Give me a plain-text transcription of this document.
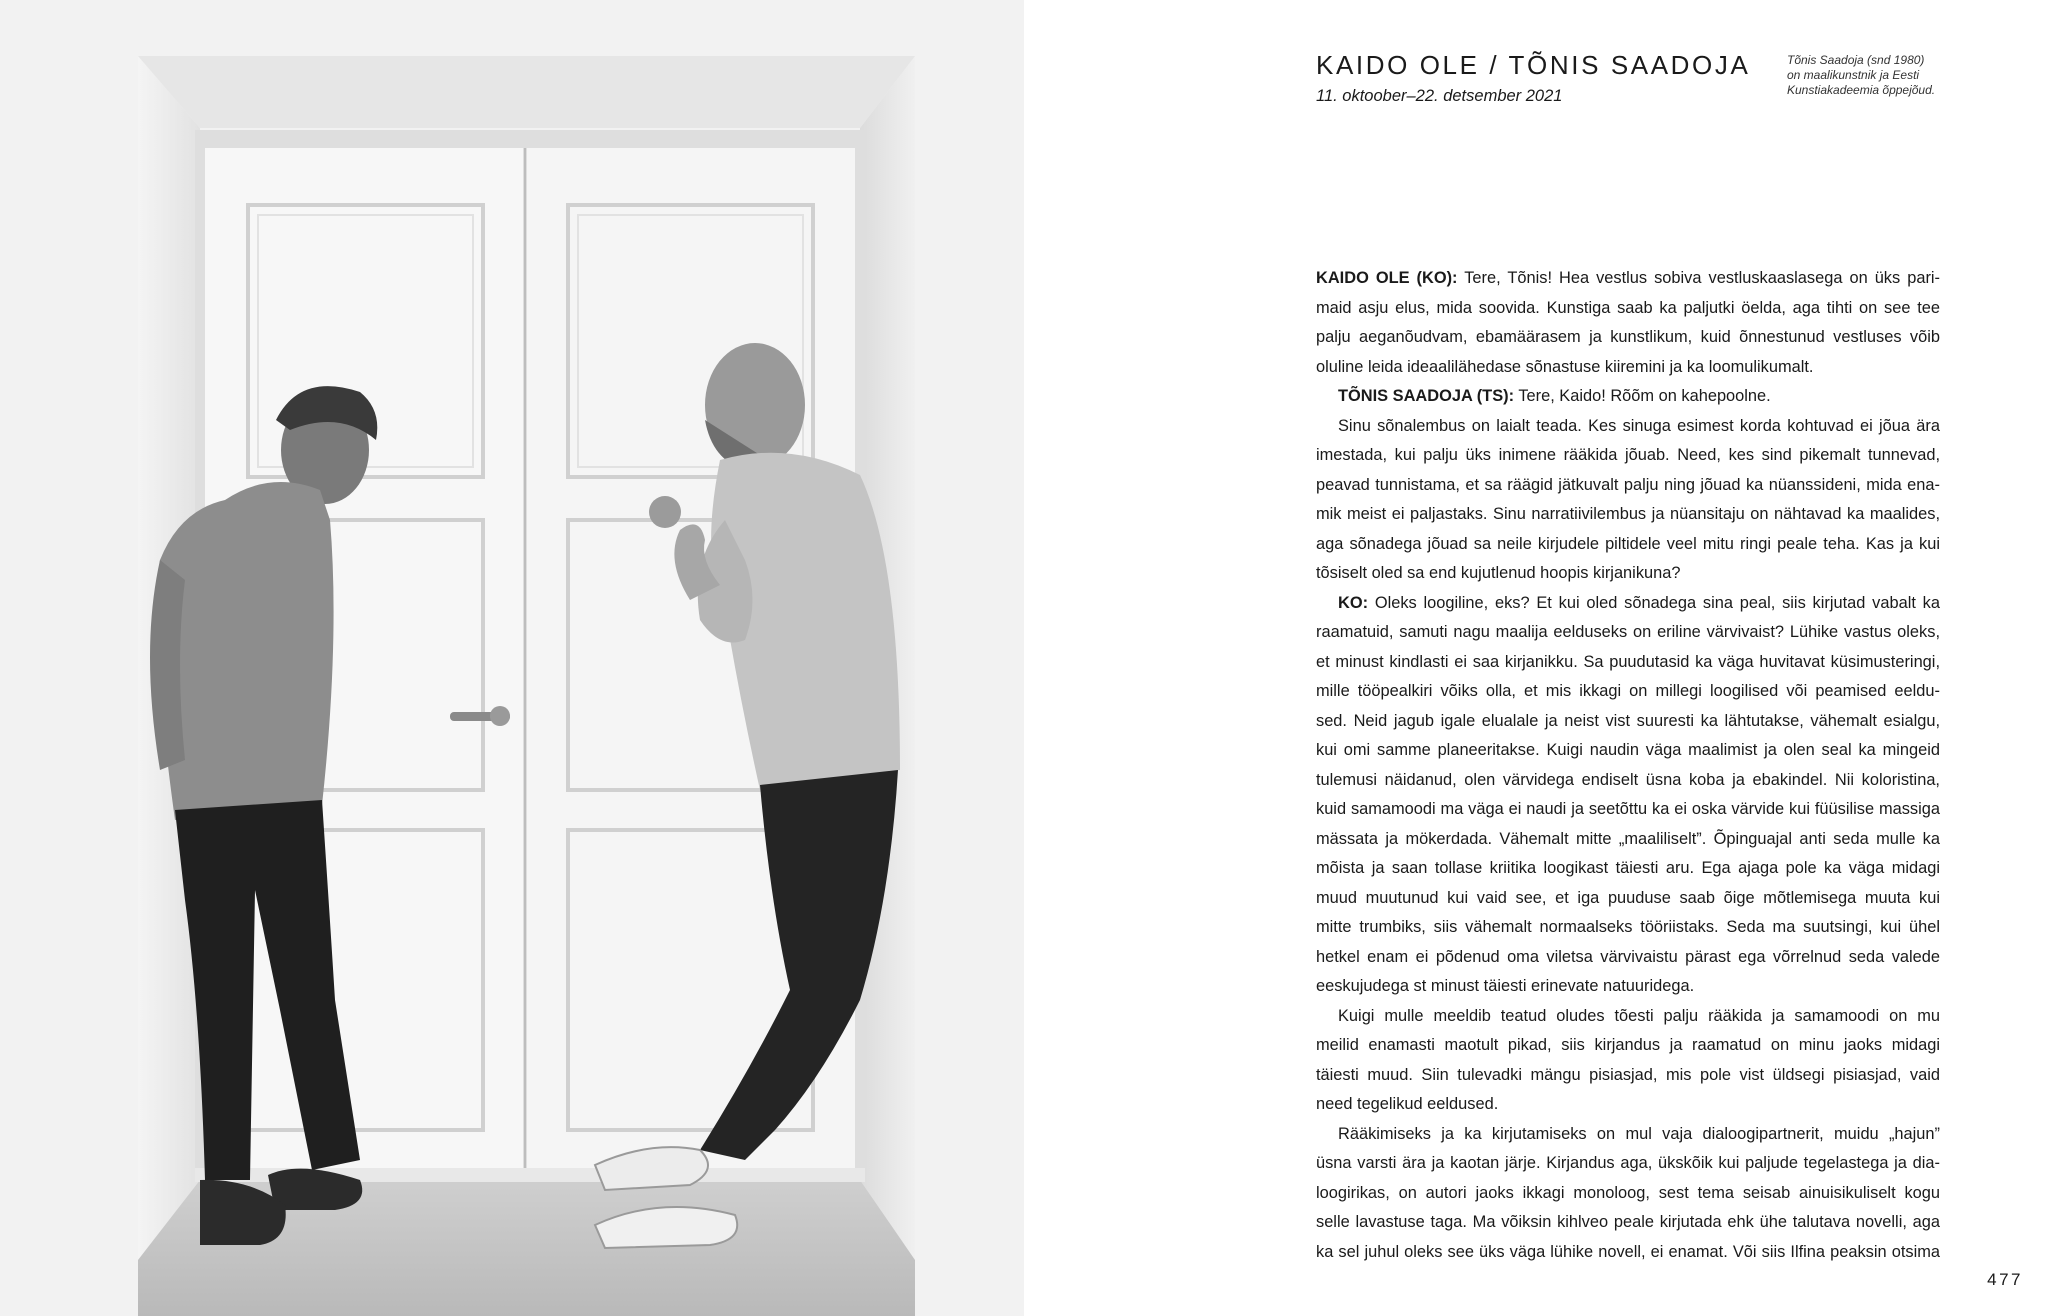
KAIDO OLE / TÕNIS SAADOJA
11. oktoober–22. detsember 2021
Tõnis Saadoja (snd 1980)
on maalikunstnik ja Eesti
Kunstiakadeemia õppejõud.
KAIDO OLE (KO): Tere, Tõnis! Hea vestlus sobiva vestluskaaslasega on üks pari-
maid asju elus, mida soovida. Kunstiga saab ka paljutki öelda, aga tihti on see tee
palju aeganõudvam, ebamäärasem ja kunstlikum, kuid õnnestunud vestluses võib
oluline leida ideaalilähedase sõnastuse kiiremini ja ka loomulikumalt.
TÕNIS SAADOJA (TS): Tere, Kaido! Rõõm on kahepoolne.
Sinu sõnalembus on laialt teada. Kes sinuga esimest korda kohtuvad ei jõua ära
imestada, kui palju üks inimene rääkida jõuab. Need, kes sind pikemalt tunnevad,
peavad tunnistama, et sa räägid jätkuvalt palju ning jõuad ka nüanssideni, mida ena-
mik meist ei paljastaks. Sinu narratiivilembus ja nüansitaju on nähtavad ka maalides,
aga sõnadega jõuad sa neile kirjudele piltidele veel mitu ringi peale teha. Kas ja kui
tõsiselt oled sa end kujutlenud hoopis kirjanikuna?
KO: Oleks loogiline, eks? Et kui oled sõnadega sina peal, siis kirjutad vabalt ka
raamatuid, samuti nagu maalija eelduseks on eriline värvivaist? Lühike vastus oleks,
et minust kindlasti ei saa kirjanikku. Sa puudutasid ka väga huvitavat küsimusteringi,
mille tööpealkiri võiks olla, et mis ikkagi on millegi loogilised või peamised eeldu-
sed. Neid jagub igale elualale ja neist vist suuresti ka lähtutakse, vähemalt esialgu,
kui omi samme planeeritakse. Kuigi naudin väga maalimist ja olen seal ka mingeid
tulemusi näidanud, olen värvidega endiselt üsna koba ja ebakindel. Nii koloristina,
kuid samamoodi ma väga ei naudi ja seetõttu ka ei oska värvide kui füüsilise massiga
mässata ja mökerdada. Vähemalt mitte „maaliliselt”. Õpinguajal anti seda mulle ka
mõista ja saan tollase kriitika loogikast täiesti aru. Ega ajaga pole ka väga midagi
muud muutunud kui vaid see, et iga puuduse saab õige mõtlemisega muuta kui
mitte trumbiks, siis vähemalt normaalseks tööriistaks. Seda ma suutsingi, kui ühel
hetkel enam ei põdenud oma viletsa värvivaistu pärast ega võrrelnud seda valede
eeskujudega st minust täiesti erinevate natuuridega.
Kuigi mulle meeldib teatud oludes tõesti palju rääkida ja samamoodi on mu
meilid enamasti maotult pikad, siis kirjandus ja raamatud on minu jaoks midagi
täiesti muud. Siin tulevadki mängu pisiasjad, mis pole vist üldsegi pisiasjad, vaid
need tegelikud eeldused.
Rääkimiseks ja ka kirjutamiseks on mul vaja dialoogipartnerit, muidu „hajun”
üsna varsti ära ja kaotan järje. Kirjandus aga, ükskõik kui paljude tegelastega ja dia-
loogirikas, on autori jaoks ikkagi monoloog, sest tema seisab ainuisikuliselt kogu
selle lavastuse taga. Ma võiksin kihlveo peale kirjutada ehk ühe talutava novelli, aga
ka sel juhul oleks see üks väga lühike novell, ei enamat. Või siis Ilfina peaksin otsima
477
